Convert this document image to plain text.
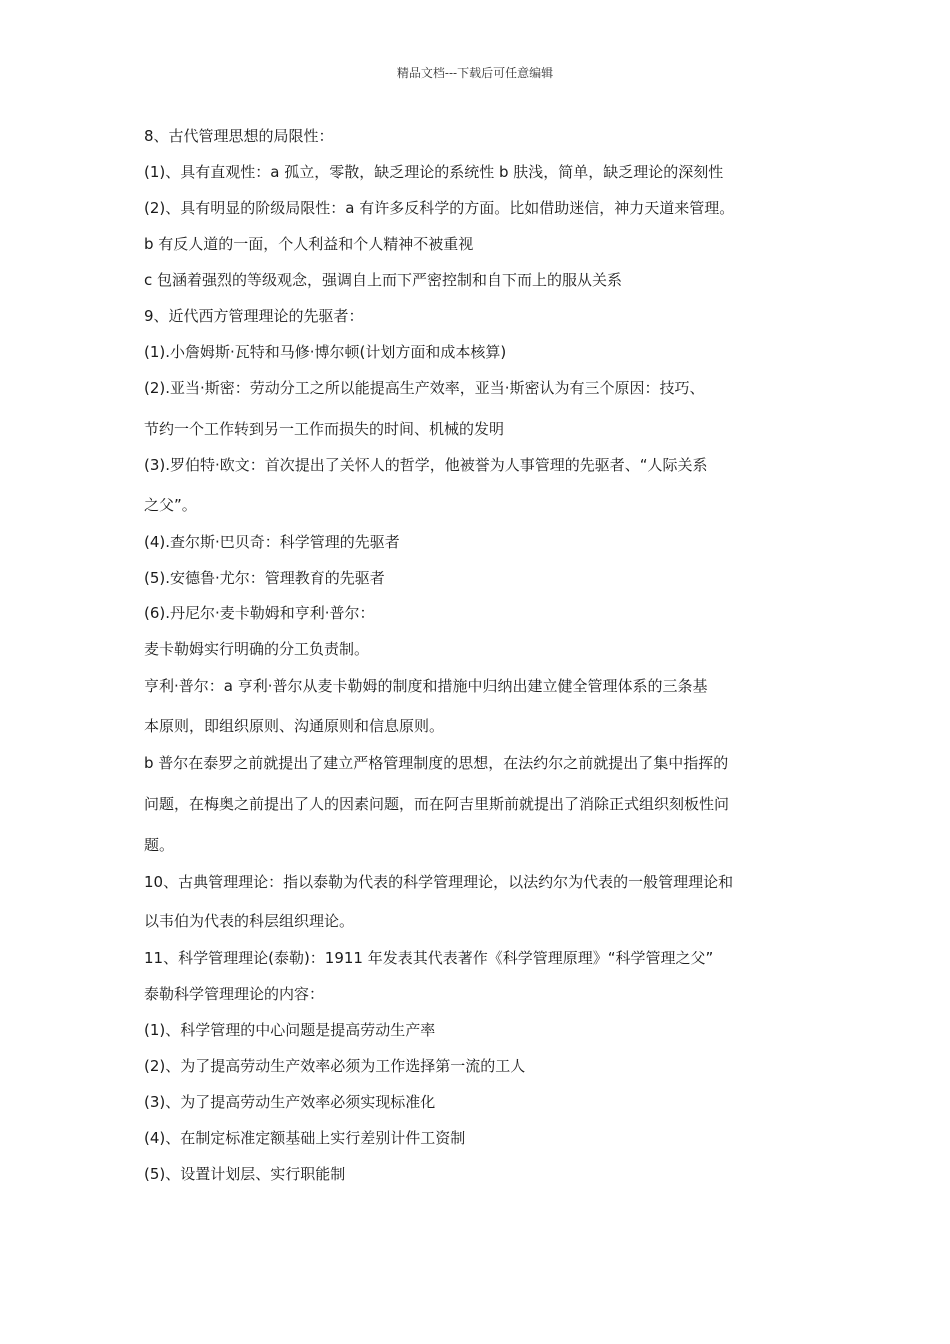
精品文档---下载后可任意编辑
8、古代管理思想的局限性：
(1)、具有直观性：a 孤立，零散，缺乏理论的系统性 b 肤浅，简单，缺乏理论的深刻性
(2)、具有明显的阶级局限性：a 有许多反科学的方面。比如借助迷信，神力天道来管理。
b 有反人道的一面，个人利益和个人精神不被重视
c 包涵着强烈的等级观念，强调自上而下严密控制和自下而上的服从关系
9、近代西方管理理论的先驱者：
(1).小詹姆斯·瓦特和马修·博尔顿(计划方面和成本核算)
(2).亚当·斯密：劳动分工之所以能提高生产效率，亚当·斯密认为有三个原因：技巧、
节约一个工作转到另一工作而损失的时间、机械的发明
(3).罗伯特·欧文：首次提出了关怀人的哲学，他被誉为人事管理的先驱者、“人际关系
之父”。
(4).查尔斯·巴贝奇：科学管理的先驱者
(5).安德鲁·尤尔：管理教育的先驱者
(6).丹尼尔·麦卡勒姆和亨利·普尔：
麦卡勒姆实行明确的分工负责制。
亨利·普尔：a 亨利·普尔从麦卡勒姆的制度和措施中归纳出建立健全管理体系的三条基
本原则，即组织原则、沟通原则和信息原则。
b 普尔在泰罗之前就提出了建立严格管理制度的思想，在法约尔之前就提出了集中指挥的
问题，在梅奥之前提出了人的因素问题，而在阿吉里斯前就提出了消除正式组织刻板性问
题。
10、古典管理理论：指以泰勒为代表的科学管理理论，以法约尔为代表的一般管理理论和
以韦伯为代表的科层组织理论。
11、科学管理理论(泰勒)：1911 年发表其代表著作《科学管理原理》“科学管理之父”
泰勒科学管理理论的内容：
(1)、科学管理的中心问题是提高劳动生产率
(2)、为了提高劳动生产效率必须为工作选择第一流的工人
(3)、为了提高劳动生产效率必须实现标准化
(4)、在制定标准定额基础上实行差别计件工资制
(5)、设置计划层、实行职能制
